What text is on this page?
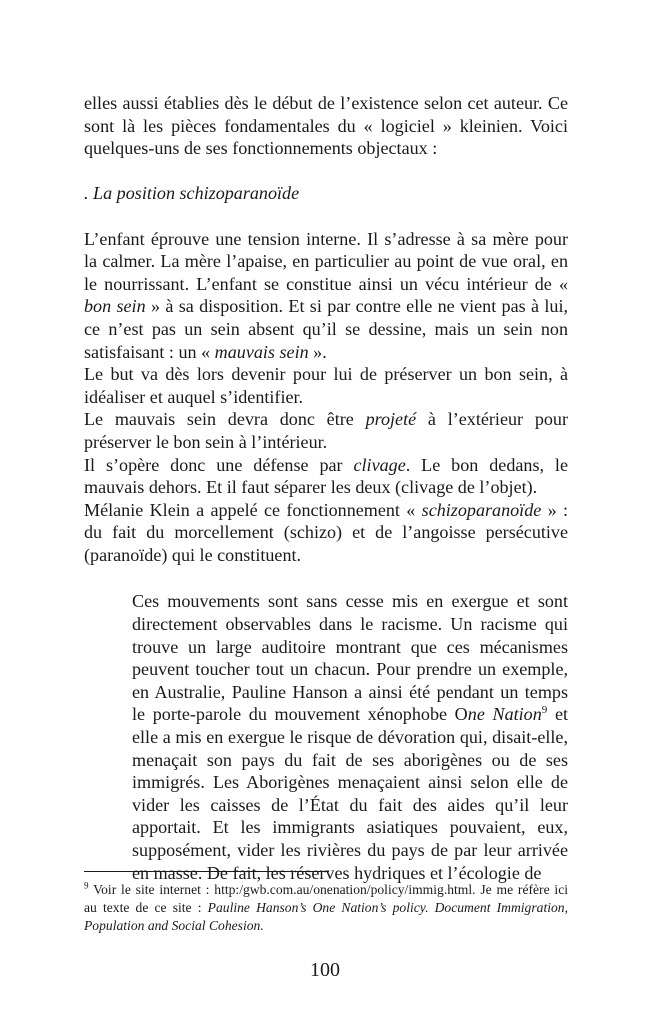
elles aussi établies dès le début de l’existence selon cet auteur. Ce sont là les pièces fondamentales du « logiciel » kleinien. Voici quelques-uns de ses fonctionnements objectaux :

. La position schizoparanoïde

L’enfant éprouve une tension interne. Il s’adresse à sa mère pour la calmer. La mère l’apaise, en particulier au point de vue oral, en le nourrissant. L’enfant se constitue ainsi un vécu intérieur de « bon sein » à sa disposition. Et si par contre elle ne vient pas à lui, ce n’est pas un sein absent qu’il se dessine, mais un sein non satisfaisant : un « mauvais sein ».

Le but va dès lors devenir pour lui de préserver un bon sein, à idéaliser et auquel s’identifier.

Le mauvais sein devra donc être projeté à l’extérieur pour préserver le bon sein à l’intérieur.

Il s’opère donc une défense par clivage. Le bon dedans, le mauvais dehors. Et il faut séparer les deux (clivage de l’objet).

Mélanie Klein a appelé ce fonctionnement « schizoparanoïde » : du fait du morcellement (schizo) et de l’angoisse persécutive (paranoïde) qui le constituent.

Ces mouvements sont sans cesse mis en exergue et sont directement observables dans le racisme. Un racisme qui trouve un large auditoire montrant que ces mécanismes peuvent toucher tout un chacun. Pour prendre un exemple, en Australie, Pauline Hanson a ainsi été pendant un temps le porte-parole du mouvement xénophobe One Nation$^9$ et elle a mis en exergue le risque de dévoration qui, disait-elle, menaçait son pays du fait de ses aborigènes ou de ses immigrés. Les Aborigènes menaçaient ainsi selon elle de vider les caisses de l’État du fait des aides qu’il leur apportait. Et les immigrants asiatiques pouvaient, eux, supposément, vider les rivières du pays de par leur arrivée en masse. De fait, les réserves hydriques et l’écologie de

$^9$ Voir le site internet : http:/gwb.com.au/onenation/policy/immig.html. Je me réfère ici au texte de ce site : Pauline Hanson’s One Nation’s policy. Document Immigration, Population and Social Cohesion.
100
